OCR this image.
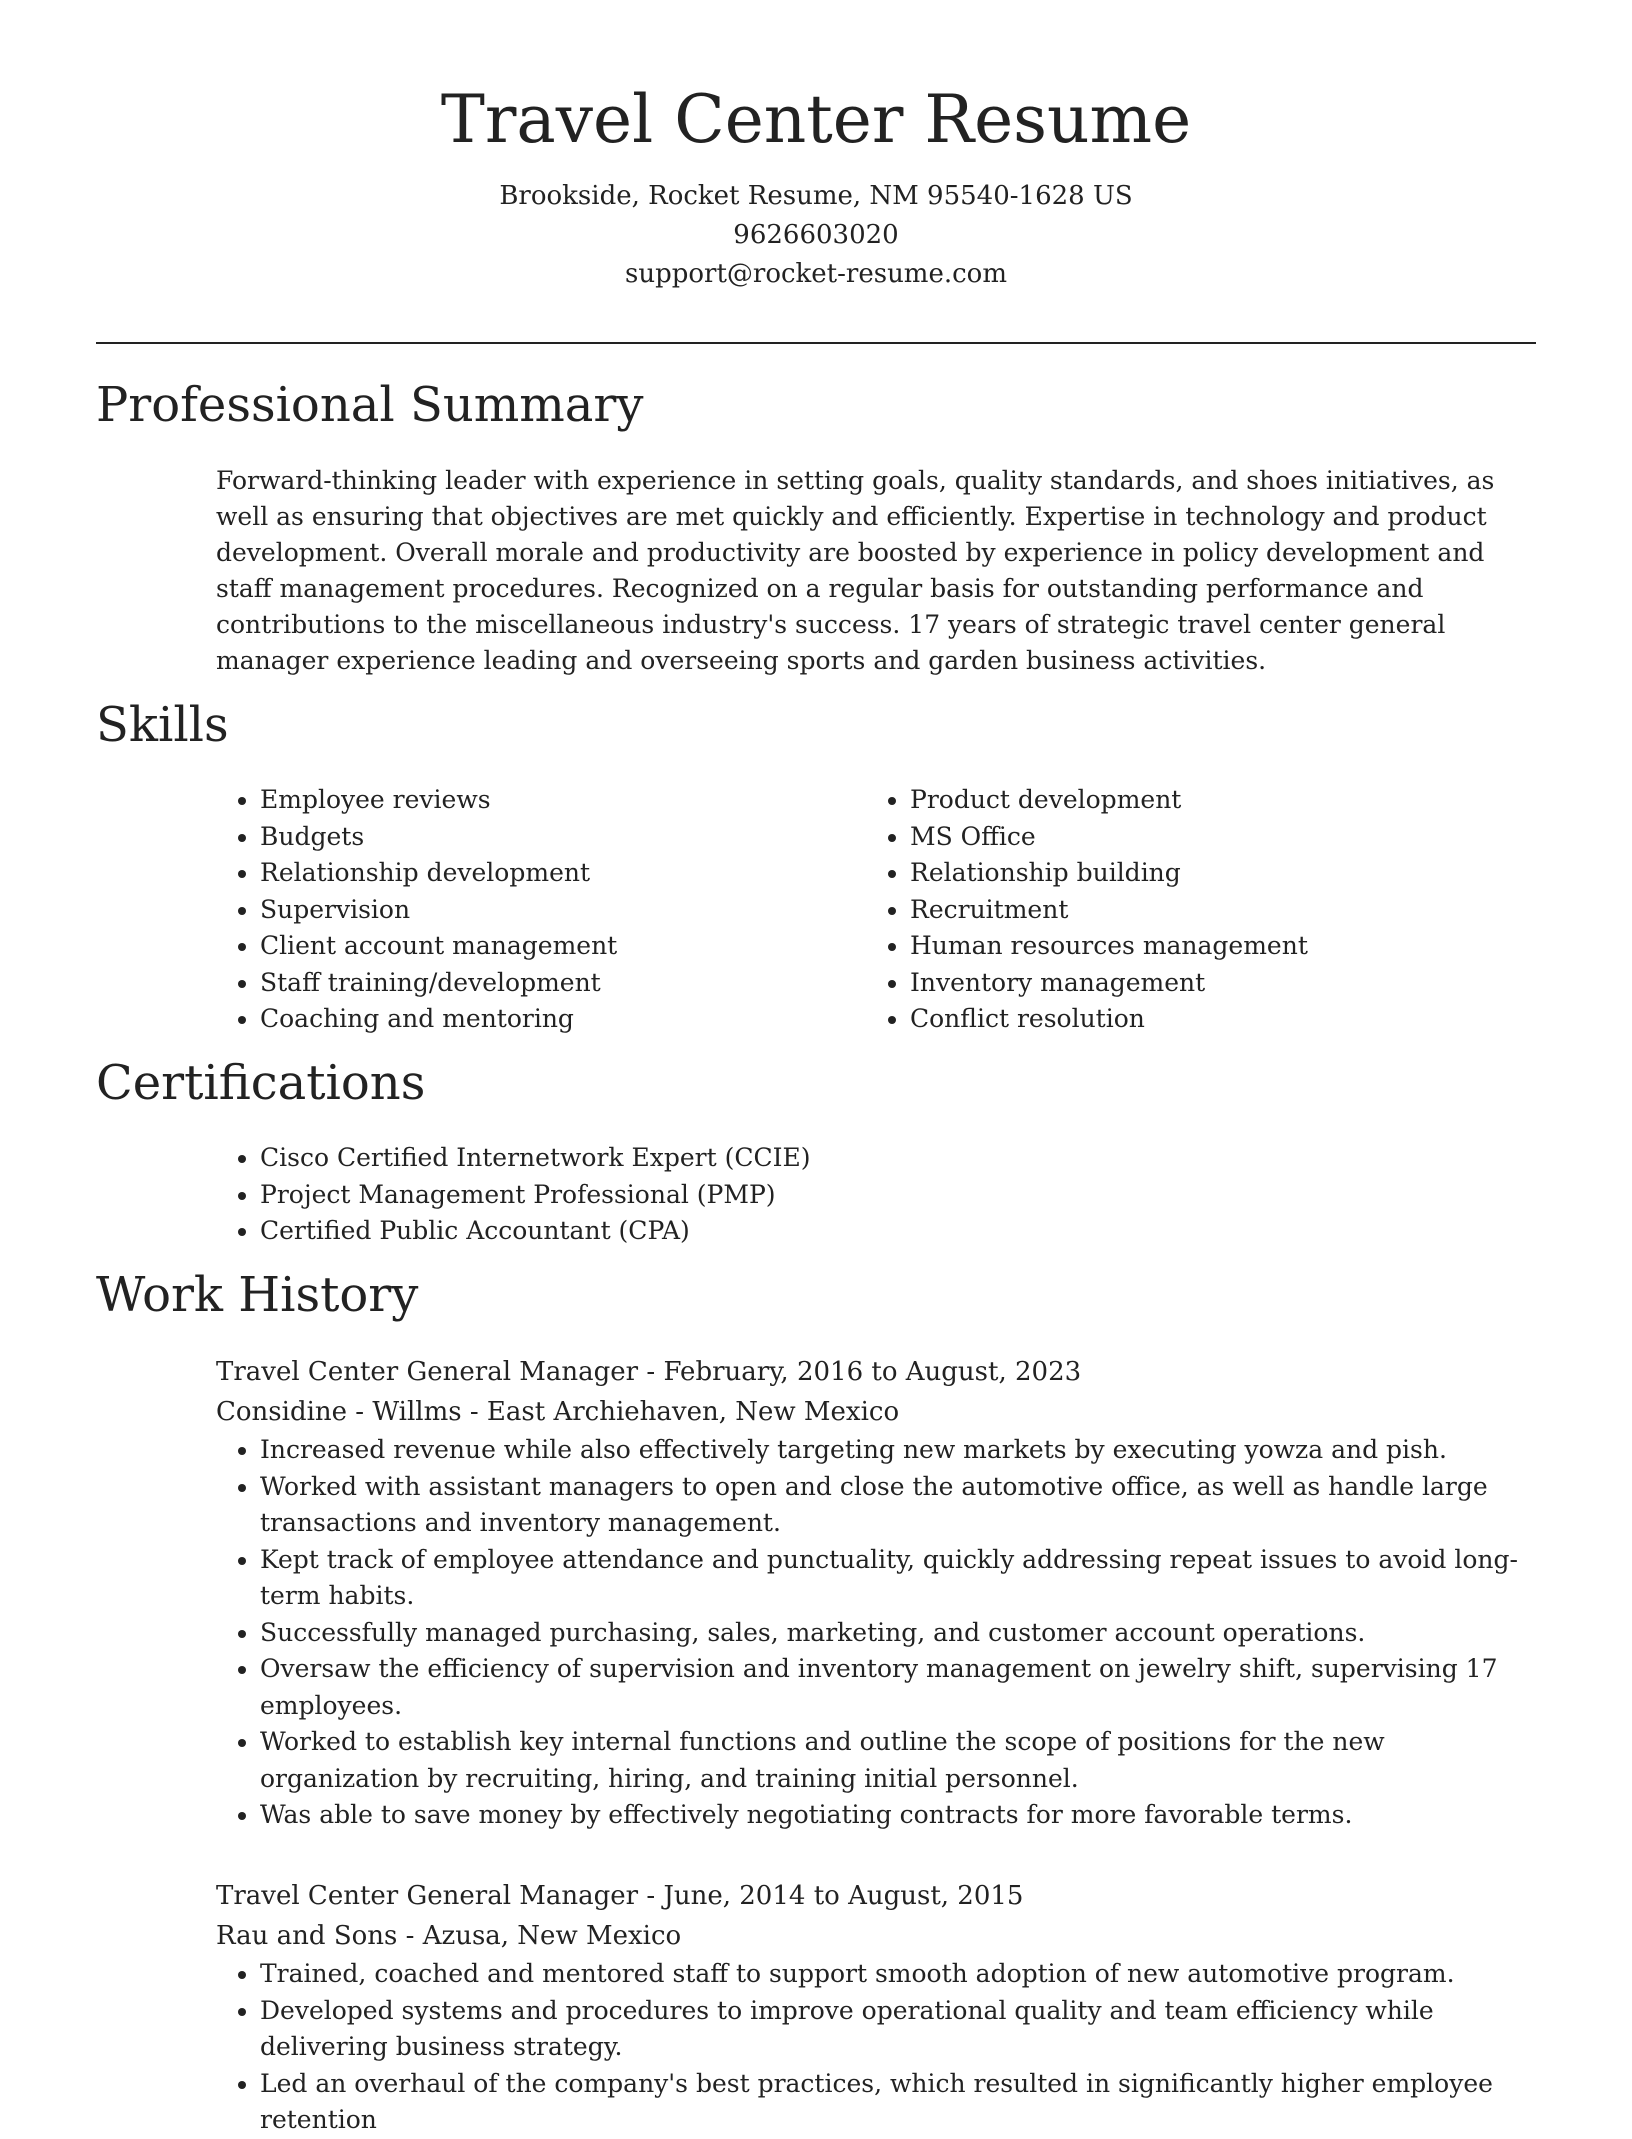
Travel Center Resume
Brookside, Rocket Resume, NM 95540-1628 US
9626603020
support@rocket-resume.com
Professional Summary

Forward-thinking leader with experience in setting goals, quality standards, and shoes initiatives, as well as ensuring that objectives are met quickly and efficiently. Expertise in technology and product development. Overall morale and productivity are boosted by experience in policy development and staff management procedures. Recognized on a regular basis for outstanding performance and contributions to the miscellaneous industry's success. 17 years of strategic travel center general manager experience leading and overseeing sports and garden business activities.

Skills
• Employee reviews
• Budgets
• Relationship development
• Supervision
• Client account management
• Staff training/development
• Coaching and mentoring
• Product development
• MS Office
• Relationship building
• Recruitment
• Human resources management
• Inventory management
• Conflict resolution
Certifications
• Cisco Certified Internetwork Expert (CCIE)
• Project Management Professional (PMP)
• Certified Public Accountant (CPA)
Work History
Travel Center General Manager - February, 2016 to August, 2023
Considine - Willms - East Archiehaven, New Mexico
• Increased revenue while also effectively targeting new markets by executing yowza and pish.
• Worked with assistant managers to open and close the automotive office, as well as handle large transactions and inventory management.
• Kept track of employee attendance and punctuality, quickly addressing repeat issues to avoid long-term habits.
• Successfully managed purchasing, sales, marketing, and customer account operations.
• Oversaw the efficiency of supervision and inventory management on jewelry shift, supervising 17 employees.
• Worked to establish key internal functions and outline the scope of positions for the new organization by recruiting, hiring, and training initial personnel.
• Was able to save money by effectively negotiating contracts for more favorable terms.
Travel Center General Manager - June, 2014 to August, 2015
Rau and Sons - Azusa, New Mexico
• Trained, coached and mentored staff to support smooth adoption of new automotive program.
• Developed systems and procedures to improve operational quality and team efficiency while delivering business strategy.
• Led an overhaul of the company's best practices, which resulted in significantly higher employee retention
